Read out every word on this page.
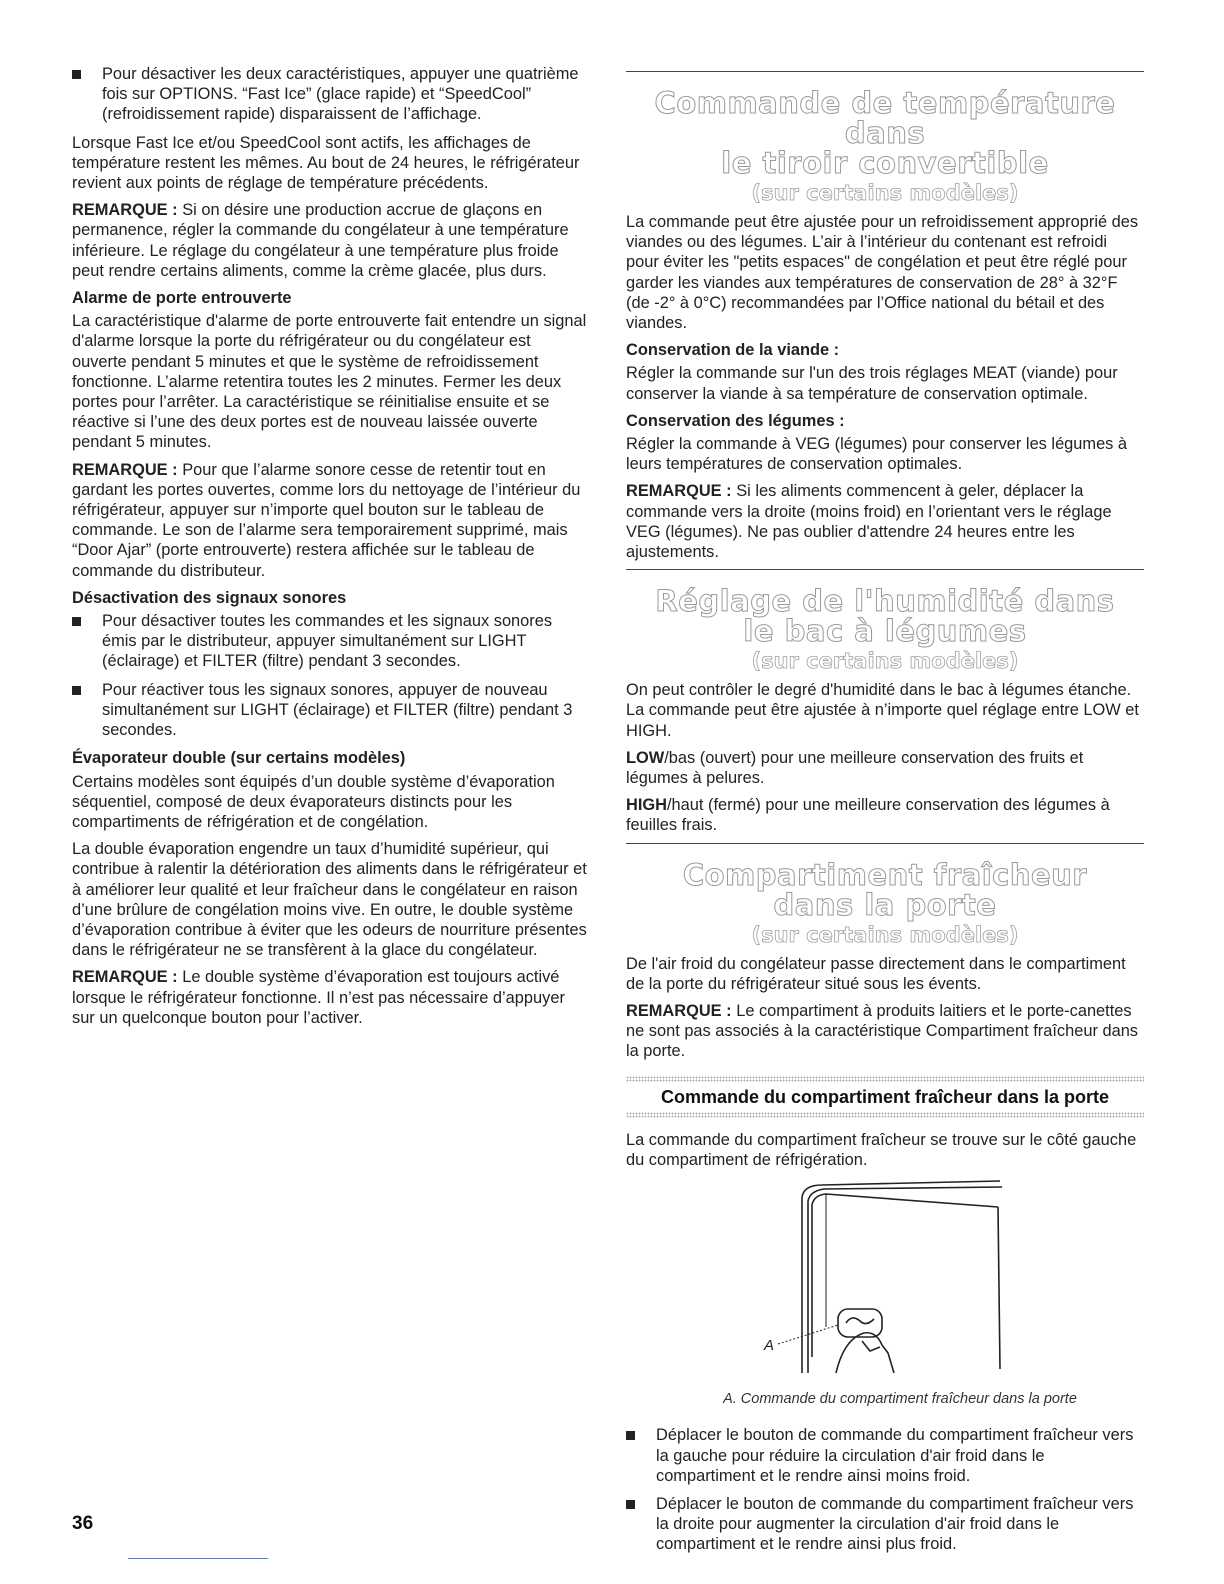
Pour désactiver les deux caractéristiques, appuyer une quatrième fois sur OPTIONS. “Fast Ice” (glace rapide) et “SpeedCool” (refroidissement rapide) disparaissent de l’affichage.

Lorsque Fast Ice et/ou SpeedCool sont actifs, les affichages de température restent les mêmes. Au bout de 24 heures, le réfrigérateur revient aux points de réglage de température précédents.

REMARQUE : Si on désire une production accrue de glaçons en permanence, régler la commande du congélateur à une température inférieure. Le réglage du congélateur à une température plus froide peut rendre certains aliments, comme la crème glacée, plus durs.

Alarme de porte entrouverte

La caractéristique d'alarme de porte entrouverte fait entendre un signal d'alarme lorsque la porte du réfrigérateur ou du congélateur est ouverte pendant 5 minutes et que le système de refroidissement fonctionne. L’alarme retentira toutes les 2 minutes. Fermer les deux portes pour l’arrêter. La caractéristique se réinitialise ensuite et se réactive si l’une des deux portes est de nouveau laissée ouverte pendant 5 minutes.

REMARQUE : Pour que l’alarme sonore cesse de retentir tout en gardant les portes ouvertes, comme lors du nettoyage de l’intérieur du réfrigérateur, appuyer sur n’importe quel bouton sur le tableau de commande. Le son de l’alarme sera temporairement supprimé, mais “Door Ajar” (porte entrouverte) restera affichée sur le tableau de commande du distributeur.

Désactivation des signaux sonores
Pour désactiver toutes les commandes et les signaux sonores émis par le distributeur, appuyer simultanément sur LIGHT (éclairage) et FILTER (filtre) pendant 3 secondes.
Pour réactiver tous les signaux sonores, appuyer de nouveau simultanément sur LIGHT (éclairage) et FILTER (filtre) pendant 3 secondes.
Évaporateur double (sur certains modèles)

Certains modèles sont équipés d’un double système d’évaporation séquentiel, composé de deux évaporateurs distincts pour les compartiments de réfrigération et de congélation.

La double évaporation engendre un taux d’humidité supérieur, qui contribue à ralentir la détérioration des aliments dans le réfrigérateur et à améliorer leur qualité et leur fraîcheur dans le congélateur en raison d’une brûlure de congélation moins vive. En outre, le double système d’évaporation contribue à éviter que les odeurs de nourriture présentes dans le réfrigérateur ne se transfèrent à la glace du congélateur.

REMARQUE : Le double système d’évaporation est toujours activé lorsque le réfrigérateur fonctionne. Il n’est pas nécessaire d’appuyer sur un quelconque bouton pour l’activer.

Commande de température dans
le tiroir convertible
(sur certains modèles)

La commande peut être ajustée pour un refroidissement approprié des viandes ou des légumes. L’air à l’intérieur du contenant est refroidi pour éviter les "petits espaces" de congélation et peut être réglé pour garder les viandes aux températures de conservation de 28° à 32°F (de -2° à 0°C) recommandées par l’Office national du bétail et des viandes.

Conservation de la viande :

Régler la commande sur l'un des trois réglages MEAT (viande) pour conserver la viande à sa température de conservation optimale.

Conservation des légumes :

Régler la commande à VEG (légumes) pour conserver les légumes à leurs températures de conservation optimales.

REMARQUE : Si les aliments commencent à geler, déplacer la commande vers la droite (moins froid) en l’orientant vers le réglage VEG (légumes). Ne pas oublier d'attendre 24 heures entre les ajustements.

Réglage de l'humidité dans
le bac à légumes
(sur certains modèles)

On peut contrôler le degré d'humidité dans le bac à légumes étanche. La commande peut être ajustée à n’importe quel réglage entre LOW et HIGH.

LOW/bas (ouvert) pour une meilleure conservation des fruits et légumes à pelures.

HIGH/haut (fermé) pour une meilleure conservation des légumes à feuilles frais.

Compartiment fraîcheur
dans la porte
(sur certains modèles)

De l'air froid du congélateur passe directement dans le compartiment de la porte du réfrigérateur situé sous les évents.

REMARQUE : Le compartiment à produits laitiers et le porte-canettes ne sont pas associés à la caractéristique Compartiment fraîcheur dans la porte.

Commande du compartiment fraîcheur dans la porte

La commande du compartiment fraîcheur se trouve sur le côté gauche du compartiment de réfrigération.

A
A. Commande du compartiment fraîcheur dans la porte
Déplacer le bouton de commande du compartiment fraîcheur vers la gauche pour réduire la circulation d'air froid dans le compartiment et le rendre ainsi moins froid.
Déplacer le bouton de commande du compartiment fraîcheur vers la droite pour augmenter la circulation d'air froid dans le compartiment et le rendre ainsi plus froid.
36
